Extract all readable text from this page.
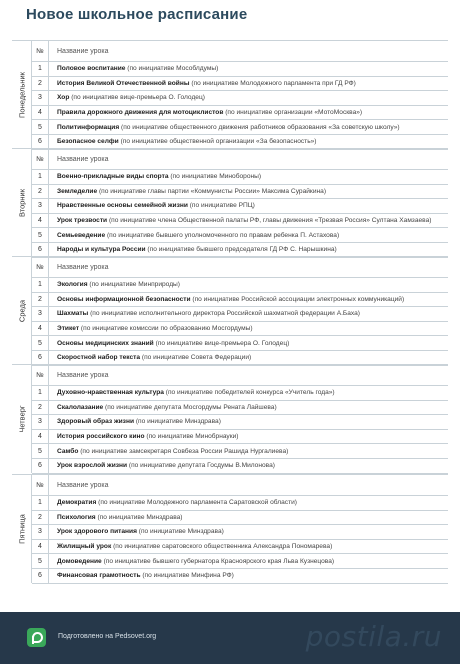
Новое школьное расписание
Понедельник
№	Название урока
1	Половое воспитание (по инициативе Мособлдумы)
2	История Великой Отечественной войны (по инициативе Молодежного парламента при ГД РФ)
3	Хор (по инициативе вице-премьера О. Голодец)
4	Правила дорожного движения для мотоциклистов (по инициативе организации «МотоМосква»)
5	Политинформация (по инициативе общественного движения работников образования «За советскую школу»)
6	Безопасное селфи (по инициативе общественной организации «За безопасность»)
Вторник
№	Название урока
1	Военно-прикладные виды спорта (по инициативе Минобороны)
2	Земледелие (по инициативе главы партии «Коммунисты России» Максима Сурайкина)
3	Нравственные основы семейной жизни (по инициативе РПЦ)
4	Урок трезвости (по инициативе члена Общественной палаты РФ, главы движения «Трезвая Россия» Султана Хамзаева)
5	Семьеведение (по инициативе бывшего уполномоченного по правам ребенка П. Астахова)
6	Народы и культура России (по инициативе бывшего председателя ГД РФ С. Нарышкина)
Среда
№	Название урока
1	Экология (по инициативе Минприроды)
2	Основы информационной безопасности (по инициативе Российской ассоциации электронных коммуникаций)
3	Шахматы (по инициативе исполнительного директора Российской шахматной федерации А.Баха)
4	Этикет (по инициативе комиссии по образованию Мосгордумы)
5	Основы медицинских знаний (по инициативе вице-премьера О. Голодец)
6	Скоростной набор текста (по инициативе Совета Федерации)
Четверг
№	Название урока
1	Духовно-нравственная культура (по инициативе победителей конкурса «Учитель года»)
2	Скалолазание (по инициативе депутата Мосгордумы Рената Лайшева)
3	Здоровый образ жизни (по инициативе Минздрава)
4	История российского кино (по инициативе Минобрнауки)
5	Самбо (по инициативе замсекретаря Совбеза России Рашида Нургалиева)
6	Урок взрослой жизни (по инициативе депутата Госдумы В.Милонова)
Пятница
№	Название урока
1	Демократия (по инициативе Молодежного парламента Саратовской области)
2	Психология (по инициативе Минздрава)
3	Урок здорового питания (по инициативе Минздрава)
4	Жилищный урок (по инициативе саратовского общественника Александра Пономарева)
5	Домоведение (по инициативе бывшего губернатора Красноярского края Льва Кузнецова)
6	Финансовая грамотность (по инициативе Минфина РФ)
Подготовлено на Pedsovet.org	postila.ru
